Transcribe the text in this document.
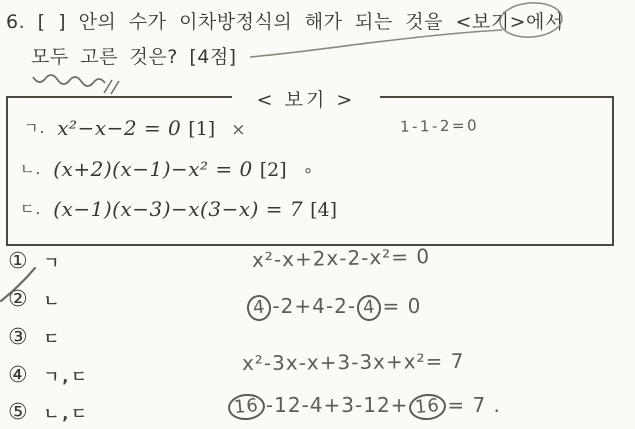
6. [ ] 안의 수가 이차방정식의 해가 되는 것을 <보기>에서
모두 고른 것은? [4점]
< 보기 >
ㄱ. x²−x−2 = 0 [1] ×
ㄴ. (x+2)(x−1)−x² = 0 [2] ∘
ㄷ. (x−1)(x−3)−x(3−x) = 7 [4]
1-1-2=0
① ㄱ
② ㄴ
③ ㄷ
④ ㄱ,ㄷ
⑤ ㄴ,ㄷ
x²-x+2x-2-x²= 0
4 -2+4-2- 4 = 0
x²-3x-x+3-3x+x²= 7
16 -12-4+3-12+ 16 = 7 .
